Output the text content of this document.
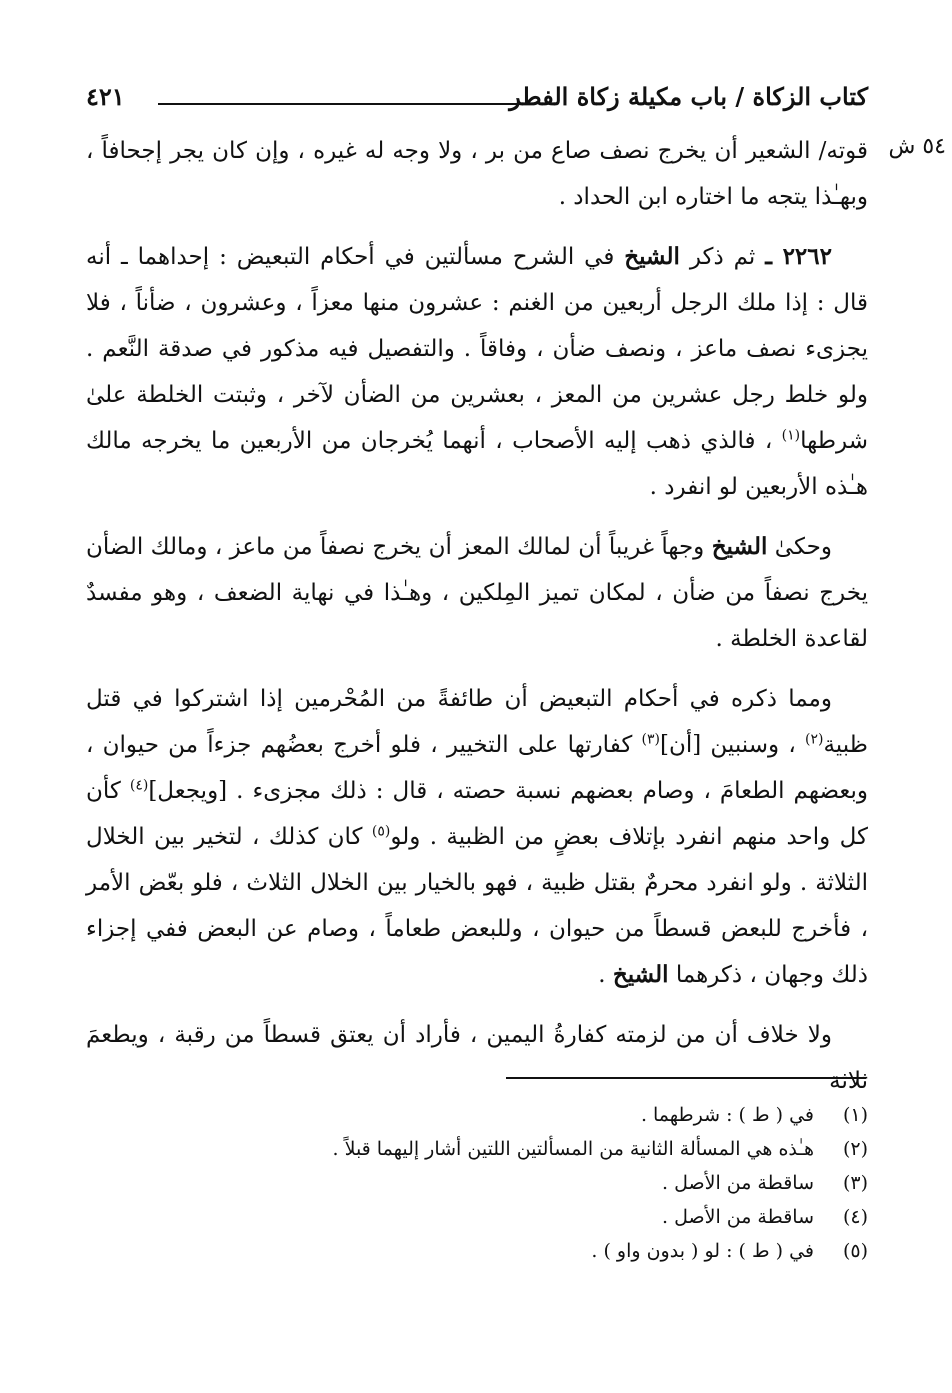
كتاب الزكاة / باب مكيلة زكاة الفطر
٤٢١
٥٤ ش

قوته/ الشعير أن يخرج نصف صاع من بر ، ولا وجه له غيره ، وإن كان يجر إجحافاً ، وبهـٰذا يتجه ما اختاره ابن الحداد .

٢٢٦٢ ـ ثم ذكر الشيخ في الشرح مسألتين في أحكام التبعيض : إحداهما ـ أنه قال : إذا ملك الرجل أربعين من الغنم : عشرون منها معزاً ، وعشرون ، ضأناً ، فلا يجزىء نصف ماعز ، ونصف ضأن ، وفاقاً . والتفصيل فيه مذكور في صدقة النَّعم . ولو خلط رجل عشرين من المعز ، بعشرين من الضأن لآخر ، وثبتت الخلطة علىٰ شرطها$^{(١)}$ ، فالذي ذهب إليه الأصحاب ، أنهما يُخرجان من الأربعين ما يخرجه مالك هـٰذه الأربعين لو انفرد .

وحكىٰ الشيخ وجهاً غريباً أن لمالك المعز أن يخرج نصفاً من ماعز ، ومالك الضأن يخرج نصفاً من ضأن ، لمكان تميز المِلكين ، وهـٰذا في نهاية الضعف ، وهو مفسدٌ لقاعدة الخلطة .

ومما ذكره في أحكام التبعيض أن طائفةً من المُحْرمين إذا اشتركوا في قتل ظبية$^{(٢)}$ ، وسنبين [أن]$^{(٣)}$ كفارتها على التخيير ، فلو أخرج بعضُهم جزءاً من حيوان ، وبعضهم الطعامَ ، وصام بعضهم نسبة حصته ، قال : ذلك مجزىء . [ويجعل]$^{(٤)}$ كأن كل واحد منهم انفرد بإتلاف بعضٍ من الظبية . ولو$^{(٥)}$ كان كذلك ، لتخير بين الخلال الثلاثة . ولو انفرد محرمٌ بقتل ظبية ، فهو بالخيار بين الخلال الثلاث ، فلو بعّض الأمر ، فأخرج للبعض قسطاً من حيوان ، وللبعض طعاماً ، وصام عن البعض ففي إجزاء ذلك وجهان ، ذكرهما الشيخ .

ولا خلاف أن من لزمته كفارةُ اليمين ، فأراد أن يعتق قسطاً من رقبة ، ويطعمَ ثلاثة

(١)
في ( ط ) : شرطهما .
(٢)
هـٰذه هي المسألة الثانية من المسألتين اللتين أشار إليهما قبلاً .
(٣)
ساقطة من الأصل .
(٤)
ساقطة من الأصل .
(٥)
في ( ط ) : لو ( بدون واو ) .
